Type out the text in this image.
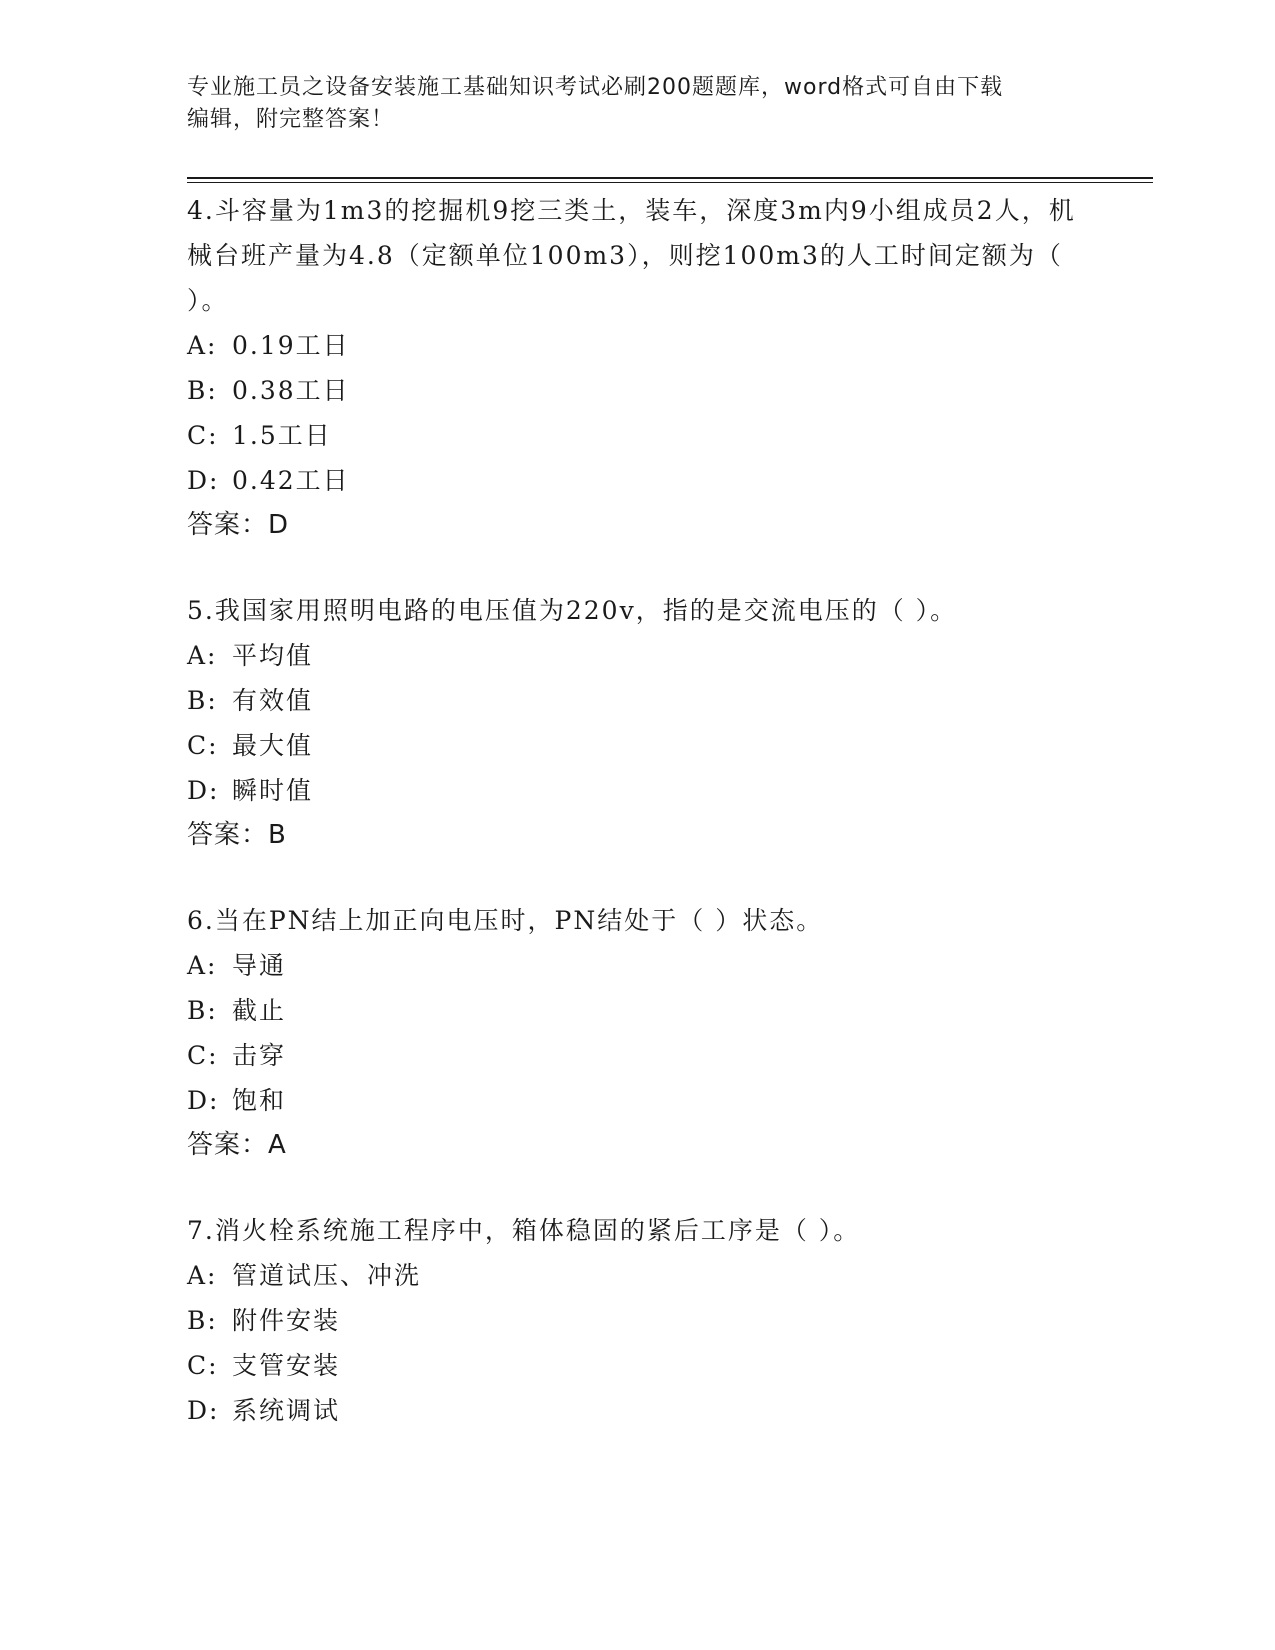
专业施工员之设备安装施工基础知识考试必刷200题题库，word格式可自由下载
编辑，附完整答案！
4.斗容量为1m3的挖掘机9挖三类土，装车，深度3m内9小组成员2人，机械台班产量为4.8（定额单位100m3），则挖100m3的人工时间定额为（ ）。
A: 0.19工日
B: 0.38工日
C: 1.5工日
D: 0.42工日
答案：D
5.我国家用照明电路的电压值为220v，指的是交流电压的（ ）。
A: 平均值
B: 有效值
C: 最大值
D: 瞬时值
答案：B
6.当在PN结上加正向电压时，PN结处于（ ）状态。
A: 导通
B: 截止
C: 击穿
D: 饱和
答案：A
7.消火栓系统施工程序中，箱体稳固的紧后工序是（ ）。
A: 管道试压、冲洗
B: 附件安装
C: 支管安装
D: 系统调试
